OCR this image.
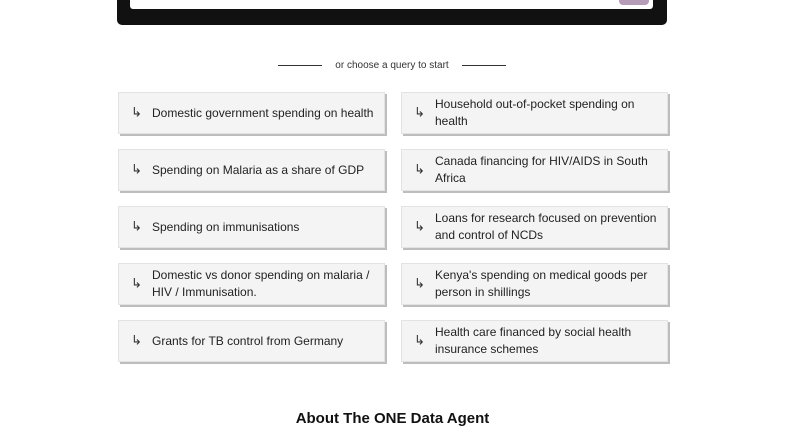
or choose a query to start
↳ Domestic government spending on health	↳
Household out-of-pocket spending on health
↳ Spending on Malaria as a share of GDP	↳
Canada financing for HIV/AIDS in South Africa
↳ Spending on immunisations	↳
Loans for research focused on prevention and control of NCDs
↳
Domestic vs donor spending on malaria / HIV / Immunisation.
↳
Kenya's spending on medical goods per person in shillings
↳ Grants for TB control from Germany	↳
Health care financed by social health insurance schemes
About The ONE Data Agent
